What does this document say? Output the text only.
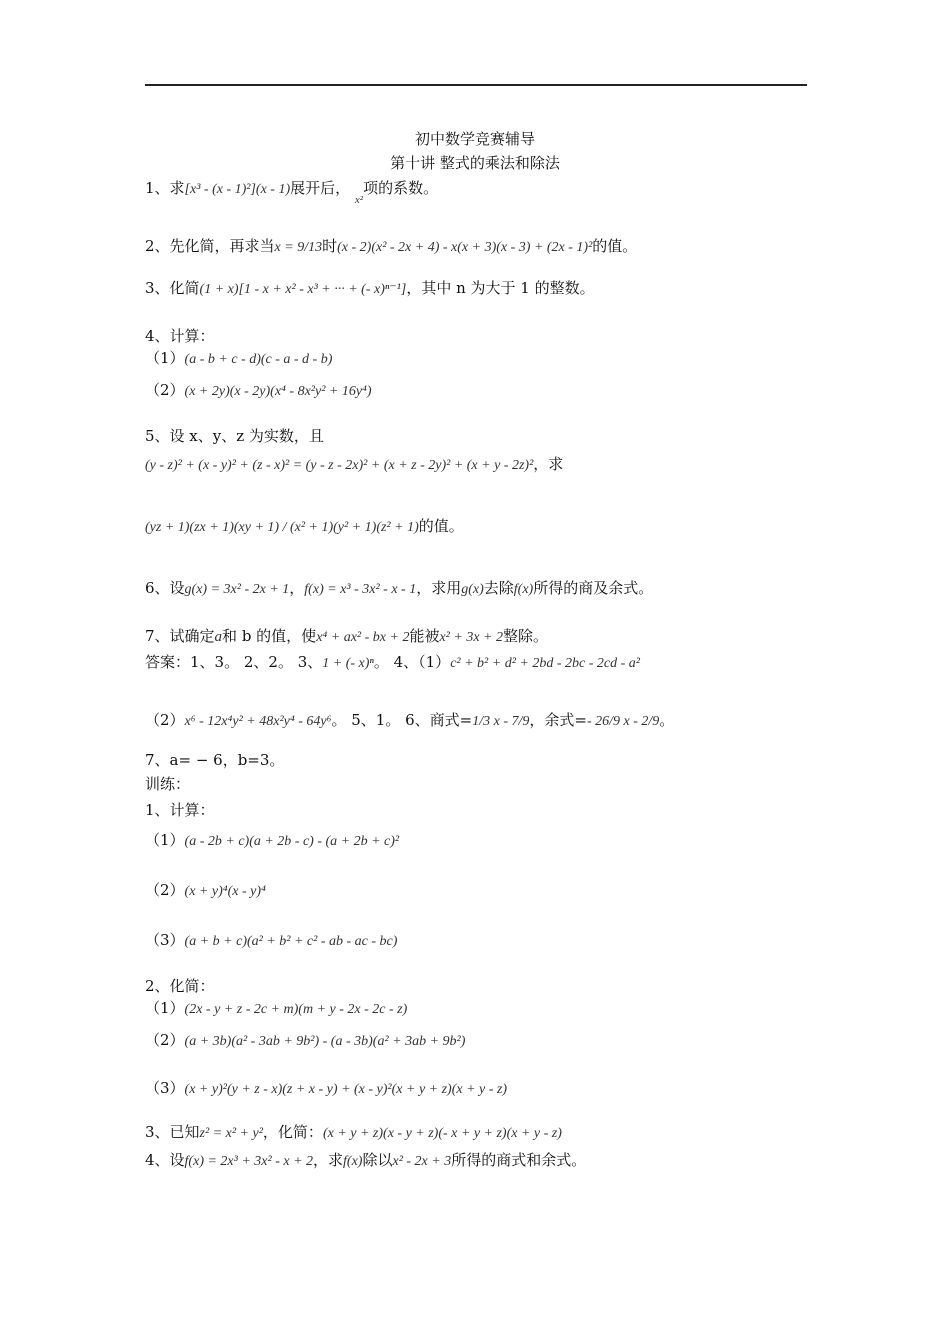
初中数学竞赛辅导
第十讲 整式的乘法和除法
1、求[x³ - (x - 1)²](x - 1)展开后， $_{x^2}$项的系数。
2、先化简，再求当x = 9/13时(x - 2)(x² - 2x + 4) - x(x + 3)(x - 3) + (2x - 1)²的值。
3、化简(1 + x)[1 - x + x² - x³ + ··· + (- x)ⁿ⁻¹]，其中 n 为大于 1 的整数。
4、计算：
（1）(a - b + c - d)(c - a - d - b)
（2）(x + 2y)(x - 2y)(x⁴ - 8x²y² + 16y⁴)
5、设 x、y、z 为实数，且
(y - z)² + (x - y)² + (z - x)² = (y - z - 2x)² + (x + z - 2y)² + (x + y - 2z)²，求
(yz + 1)(zx + 1)(xy + 1) / (x² + 1)(y² + 1)(z² + 1)的值。
6、设g(x) = 3x² - 2x + 1，f(x) = x³ - 3x² - x - 1，求用g(x)去除f(x)所得的商及余式。
7、试确定a和 b 的值，使x⁴ + ax² - bx + 2能被x² + 3x + 2整除。
答案：1、3。 2、2。 3、1 + (- x)ⁿ。 4、（1）c² + b² + d² + 2bd - 2bc - 2cd - a²
（2）x⁶ - 12x⁴y² + 48x²y⁴ - 64y⁶。 5、1。 6、商式=1/3 x - 7/9，余式=- 26/9 x - 2/9。
7、a= − 6，b=3。
训练：
1、计算：
（1）(a - 2b + c)(a + 2b - c) - (a + 2b + c)²
（2）(x + y)⁴(x - y)⁴
（3）(a + b + c)(a² + b² + c² - ab - ac - bc)
2、化简：
（1）(2x - y + z - 2c + m)(m + y - 2x - 2c - z)
（2）(a + 3b)(a² - 3ab + 9b²) - (a - 3b)(a² + 3ab + 9b²)
（3）(x + y)²(y + z - x)(z + x - y) + (x - y)²(x + y + z)(x + y - z)
3、已知z² = x² + y²，化简：(x + y + z)(x - y + z)(- x + y + z)(x + y - z)
4、设f(x) = 2x³ + 3x² - x + 2，求f(x)除以x² - 2x + 3所得的商式和余式。
